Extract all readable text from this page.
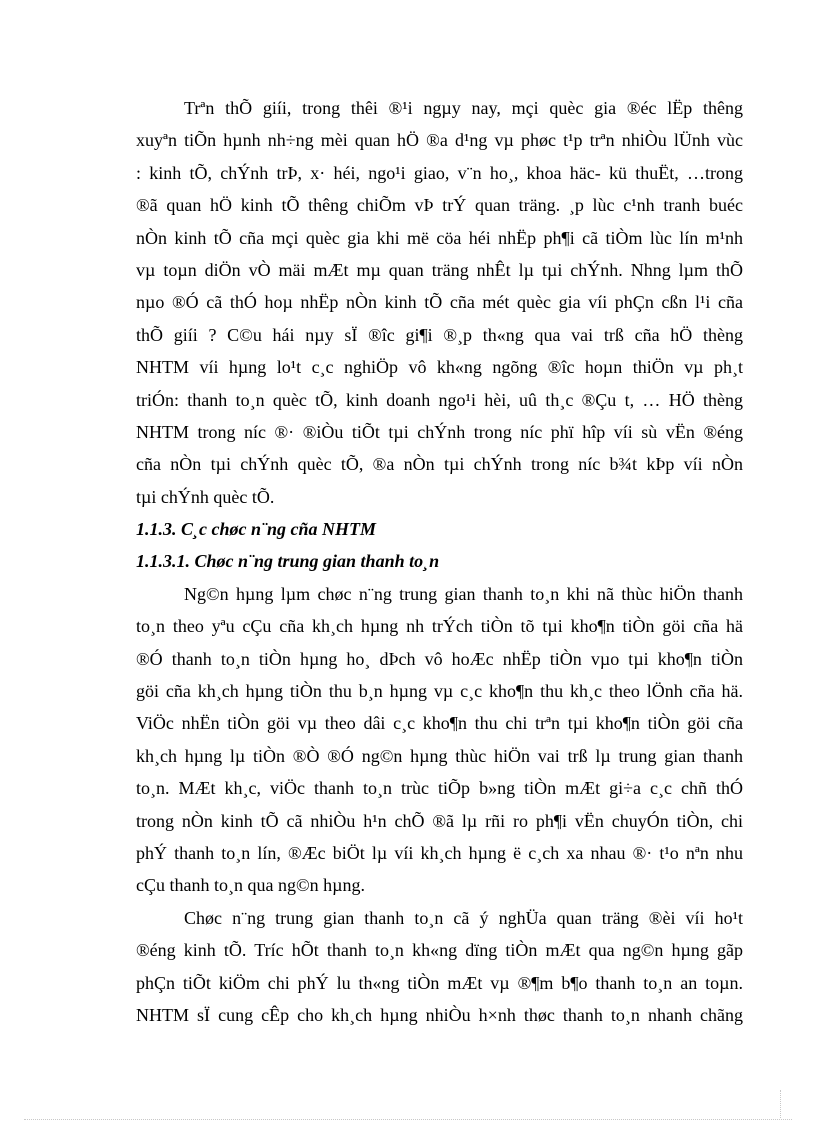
Trªn thÕ giíi, trong thêi ®¹i ngµy nay, mçi quèc gia ®éc lËp thêng
xuyªn tiÕn hµnh nh÷ng mèi quan hÖ ®a d¹ng vµ phøc t¹p trªn nhiÒu lÜnh vùc
: kinh tÕ, chÝnh trÞ, x· héi, ngo¹i giao, v¨n ho¸, khoa häc- kü thuËt, …trong
®ã quan hÖ kinh tÕ thêng chiÕm vÞ trÝ quan träng. ¸p lùc c¹nh tranh buéc
nÒn kinh tÕ cña mçi quèc gia khi më cöa héi nhËp ph¶i cã tiÒm lùc lín m¹nh
vµ toµn diÖn vÒ mäi mÆt mµ quan träng nhÊt lµ tµi chÝnh. Nhng lµm thÕ
nµo ®Ó cã thÓ hoµ nhËp nÒn kinh tÕ cña mét quèc gia víi phÇn cßn l¹i cña
thÕ giíi ? C©u hái nµy sÏ ®îc gi¶i ®¸p th«ng qua vai trß cña hÖ thèng
NHTM víi hµng lo¹t c¸c nghiÖp vô kh«ng ngõng ®îc hoµn thiÖn vµ ph¸t
triÓn: thanh to¸n quèc tÕ, kinh doanh ngo¹i hèi, uû th¸c ®Çu t, … HÖ thèng
NHTM trong níc ®· ®iÒu tiÕt tµi chÝnh trong níc phï hîp víi sù vËn ®éng
cña nÒn tµi chÝnh quèc tÕ, ®a nÒn tµi chÝnh trong níc b¾t kÞp víi nÒn
tµi chÝnh quèc tÕ.
1.1.3. C¸c chøc n¨ng cña NHTM
1.1.3.1. Chøc n¨ng trung gian thanh to¸n
Ng©n hµng lµm chøc n¨ng trung gian thanh to¸n khi nã thùc hiÖn thanh
to¸n theo yªu cÇu cña kh¸ch hµng nh trÝch tiÒn tõ tµi kho¶n tiÒn göi cña hä
®Ó thanh to¸n tiÒn hµng ho¸ dÞch vô hoÆc nhËp tiÒn vµo tµi kho¶n tiÒn
göi cña kh¸ch hµng tiÒn thu b¸n hµng vµ c¸c kho¶n thu kh¸c theo lÖnh cña hä.
ViÖc nhËn tiÒn göi vµ theo dâi c¸c kho¶n thu chi trªn tµi kho¶n tiÒn göi cña
kh¸ch hµng lµ tiÒn ®Ò ®Ó ng©n hµng thùc hiÖn vai trß lµ trung gian thanh
to¸n. MÆt kh¸c, viÖc thanh to¸n trùc tiÕp b»ng tiÒn mÆt gi÷a c¸c chñ thÓ
trong nÒn kinh tÕ cã nhiÒu h¹n chÕ ®ã lµ rñi ro ph¶i vËn chuyÓn tiÒn, chi
phÝ thanh to¸n lín, ®Æc biÖt lµ víi kh¸ch hµng ë c¸ch xa nhau ®· t¹o nªn nhu
cÇu thanh to¸n qua ng©n hµng.
Chøc n¨ng trung gian thanh to¸n cã ý nghÜa quan träng ®èi víi ho¹t
®éng kinh tÕ. Tríc hÕt thanh to¸n kh«ng dïng tiÒn mÆt qua ng©n hµng gãp
phÇn tiÕt kiÖm chi phÝ lu th«ng tiÒn mÆt vµ ®¶m b¶o thanh to¸n an toµn.
NHTM sÏ cung cÊp cho kh¸ch hµng nhiÒu h×nh thøc thanh to¸n nhanh chãng
